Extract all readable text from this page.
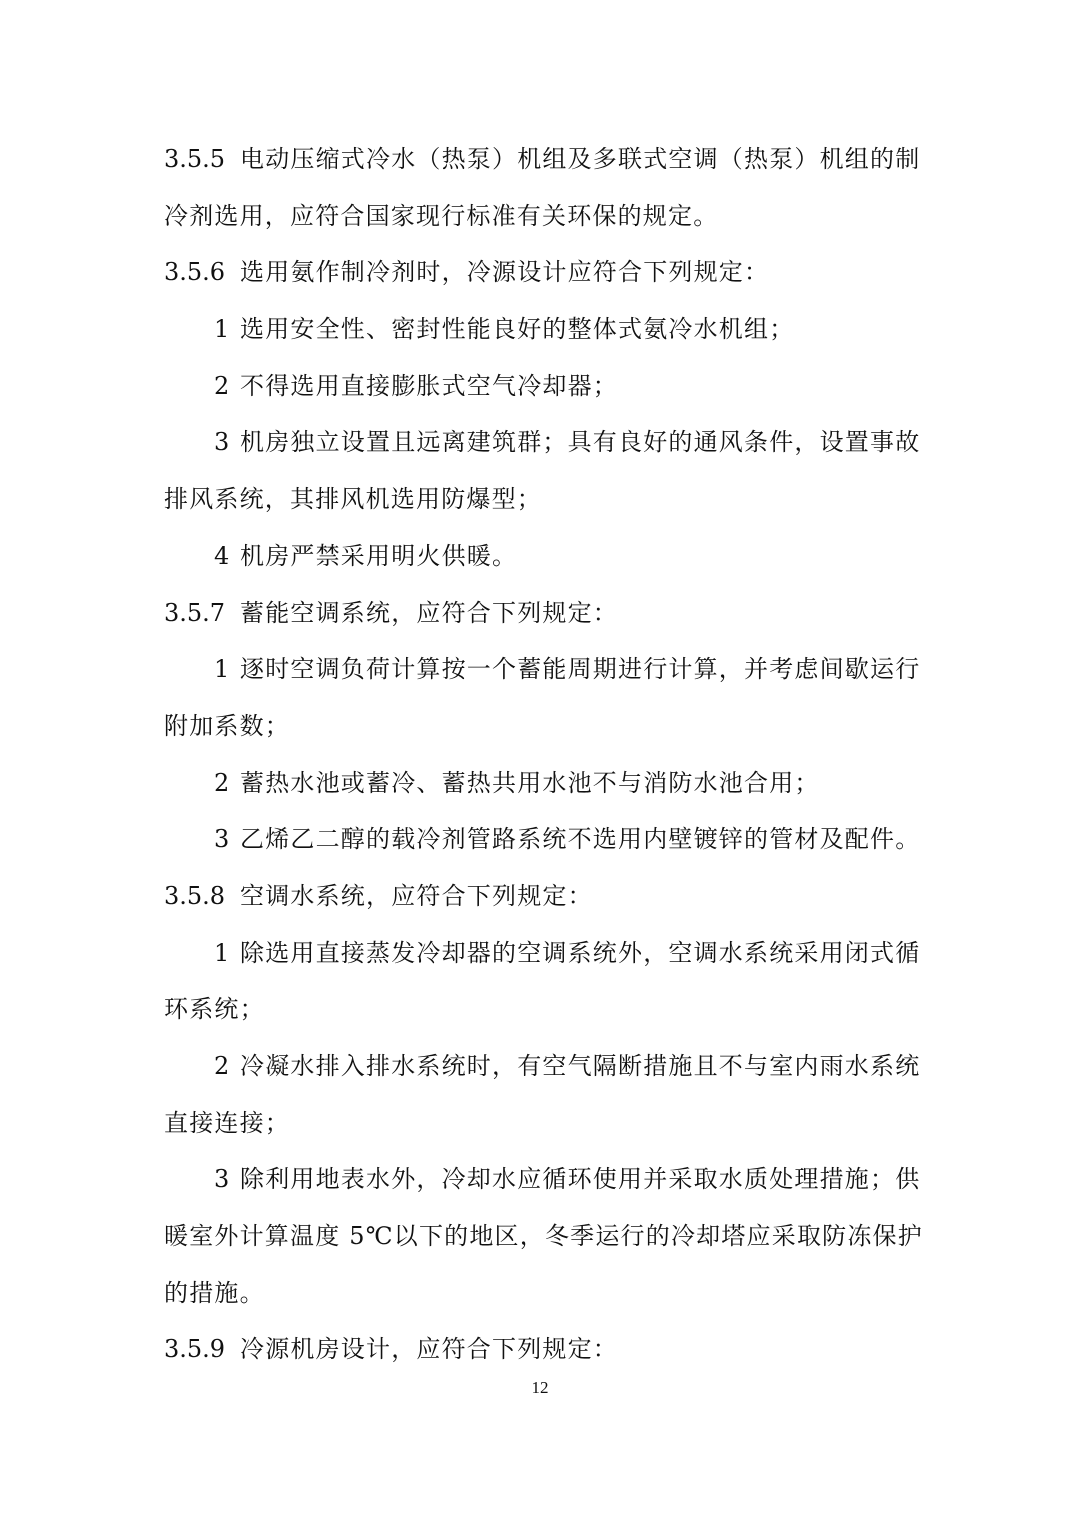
3.5.5 电动压缩式冷水（热泵）机组及多联式空调（热泵）机组的制
冷剂选用，应符合国家现行标准有关环保的规定。
3.5.6 选用氨作制冷剂时，冷源设计应符合下列规定：
1 选用安全性、密封性能良好的整体式氨冷水机组；
2 不得选用直接膨胀式空气冷却器；
3 机房独立设置且远离建筑群；具有良好的通风条件，设置事故
排风系统，其排风机选用防爆型；
4 机房严禁采用明火供暖。
3.5.7 蓄能空调系统，应符合下列规定：
1 逐时空调负荷计算按一个蓄能周期进行计算，并考虑间歇运行
附加系数；
2 蓄热水池或蓄冷、蓄热共用水池不与消防水池合用；
3 乙烯乙二醇的载冷剂管路系统不选用内壁镀锌的管材及配件。
3.5.8 空调水系统，应符合下列规定：
1 除选用直接蒸发冷却器的空调系统外，空调水系统采用闭式循
环系统；
2 冷凝水排入排水系统时，有空气隔断措施且不与室内雨水系统
直接连接；
3 除利用地表水外，冷却水应循环使用并采取水质处理措施；供
暖室外计算温度 5℃以下的地区，冬季运行的冷却塔应采取防冻保护
的措施。
3.5.9 冷源机房设计，应符合下列规定：
12
